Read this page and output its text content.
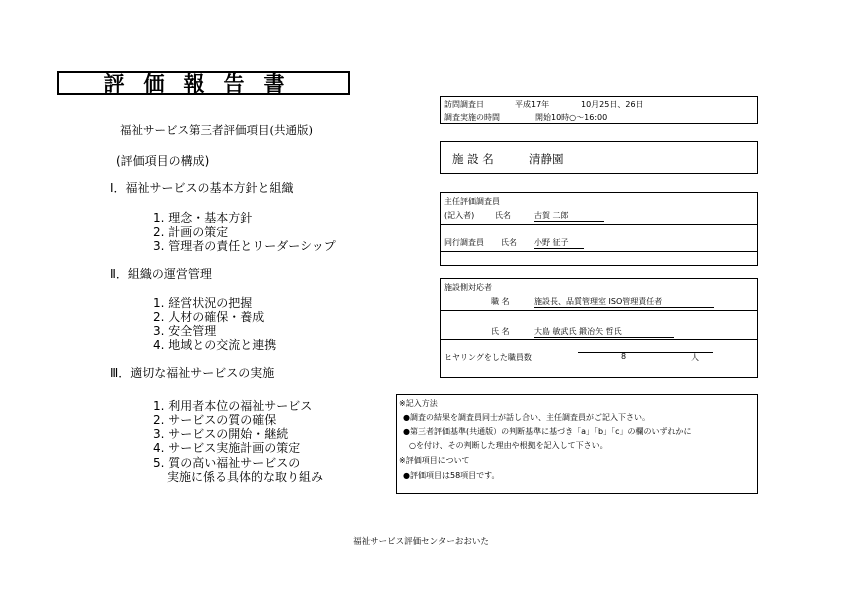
評価報告書
福祉サービス第三者評価項目(共通版)
(評価項目の構成)
Ⅰ．福祉サービスの基本方針と組織
1. 理念・基本方針
2. 計画の策定
3. 管理者の責任とリーダーシップ
Ⅱ．組織の運営管理
1. 経営状況の把握
2. 人材の確保・養成
3. 安全管理
4. 地域との交流と連携
Ⅲ．適切な福祉サービスの実施
1. 利用者本位の福祉サービス
2. サービスの質の確保
3. サービスの開始・継続
4. サービス実施計画の策定
5. 質の高い福祉サービスの
実施に係る具体的な取り組み
訪問調査日	平成17年	10月25日、26日
調査実施の時間	開始10時○～16:00
施 設 名	清静園
主任評価調査員
(記入者)	氏名	古賀 二郎
同行調査員 氏名 小野 征子
施設側対応者
職 名	施設長、品質管理室 ISO管理責任者
氏 名	大島 敏武氏 鍛冶矢 哲氏
ヒヤリングをした職員数	8	人
※記入方法
●調査の結果を調査員同士が話し合い、主任調査員がご記入下さい。
●第三者評価基準(共通版）の判断基準に基づき「a」「b」「c」の欄のいずれかに
○を付け、その判断した理由や根拠を記入して下さい。
※評価項目について
●評価項目は58項目です。
福祉サービス評価センターおおいた
